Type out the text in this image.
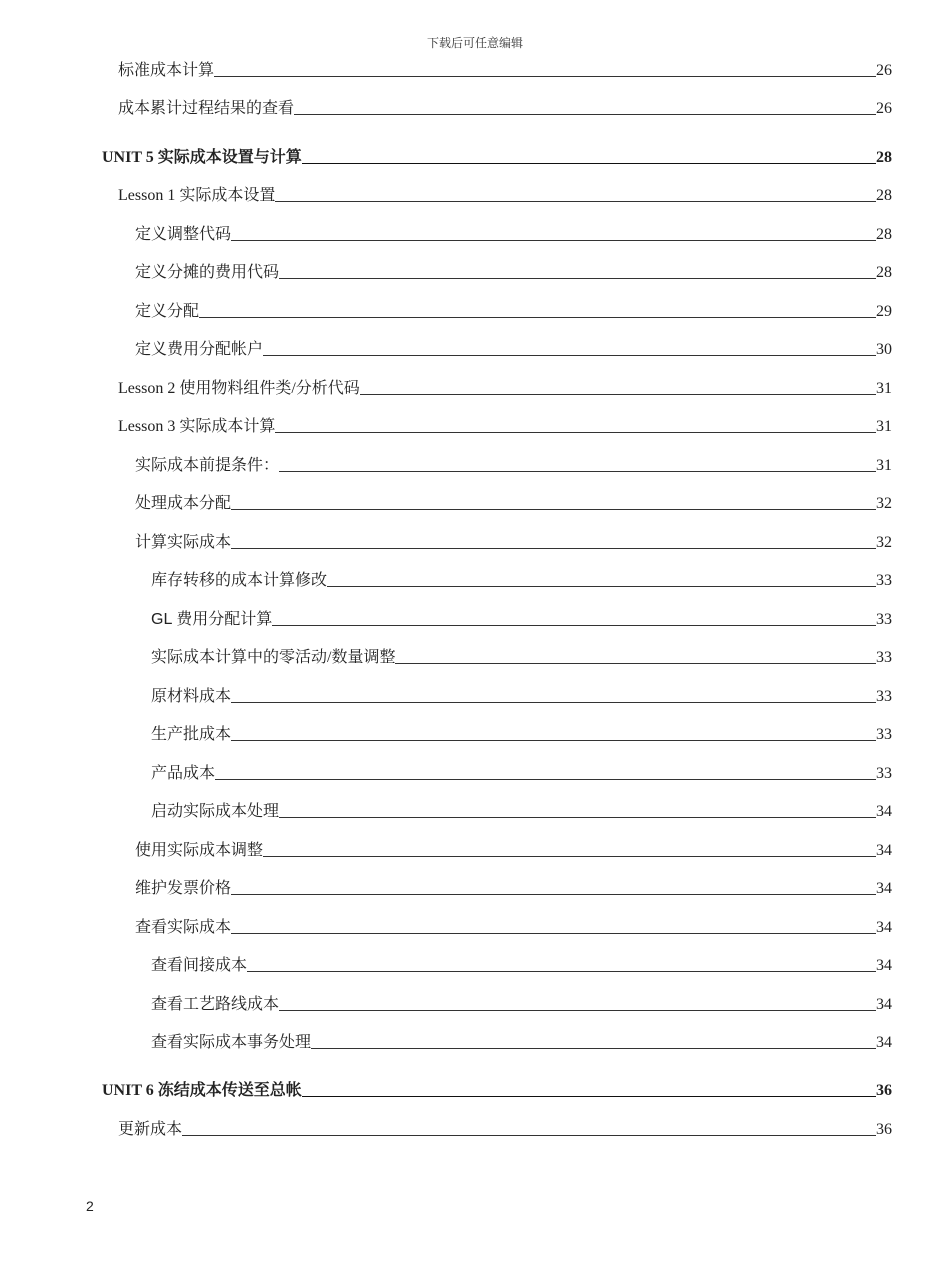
下载后可任意编辑
标准成本计算	26
成本累计过程结果的查看	26
UNIT 5 实际成本设置与计算	28
Lesson 1 实际成本设置	28
定义调整代码	28
定义分摊的费用代码	28
定义分配	29
定义费用分配帐户	30
Lesson 2 使用物料组件类/分析代码	31
Lesson 3 实际成本计算	31
实际成本前提条件：	31
处理成本分配	32
计算实际成本	32
库存转移的成本计算修改	33
GL 费用分配计算	33
实际成本计算中的零活动/数量调整	33
原材料成本	33
生产批成本	33
产品成本	33
启动实际成本处理	34
使用实际成本调整	34
维护发票价格	34
查看实际成本	34
查看间接成本	34
查看工艺路线成本	34
查看实际成本事务处理	34
UNIT 6 冻结成本传送至总帐	36
更新成本	36
2
